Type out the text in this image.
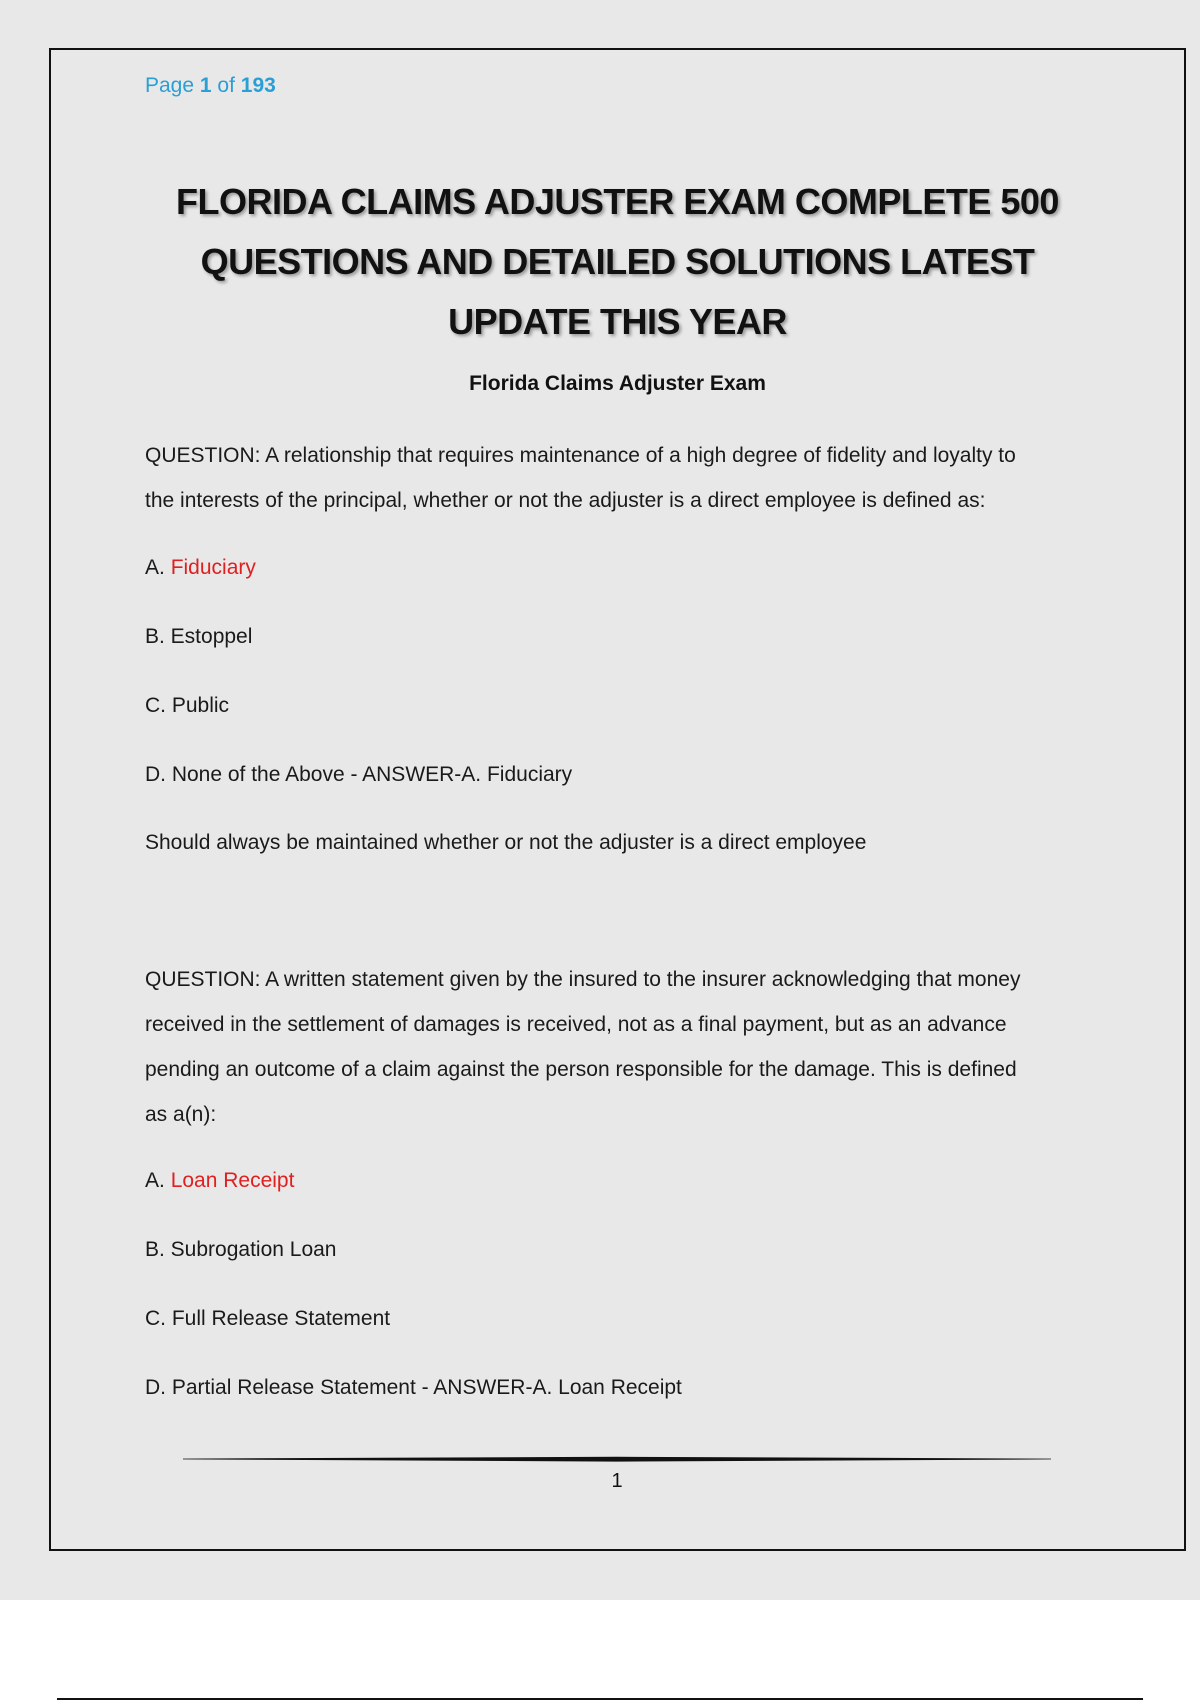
Page 1 of 193
FLORIDA CLAIMS ADJUSTER EXAM COMPLETE 500
QUESTIONS AND DETAILED SOLUTIONS LATEST
UPDATE THIS YEAR
Florida Claims Adjuster Exam
QUESTION: A relationship that requires maintenance of a high degree of fidelity and loyalty to
the interests of the principal, whether or not the adjuster is a direct employee is defined as:
A. Fiduciary
B. Estoppel
C. Public
D. None of the Above - ANSWER-A. Fiduciary
Should always be maintained whether or not the adjuster is a direct employee
QUESTION: A written statement given by the insured to the insurer acknowledging that money
received in the settlement of damages is received, not as a final payment, but as an advance
pending an outcome of a claim against the person responsible for the damage. This is defined
as a(n):
A. Loan Receipt
B. Subrogation Loan
C. Full Release Statement
D. Partial Release Statement - ANSWER-A. Loan Receipt
1
